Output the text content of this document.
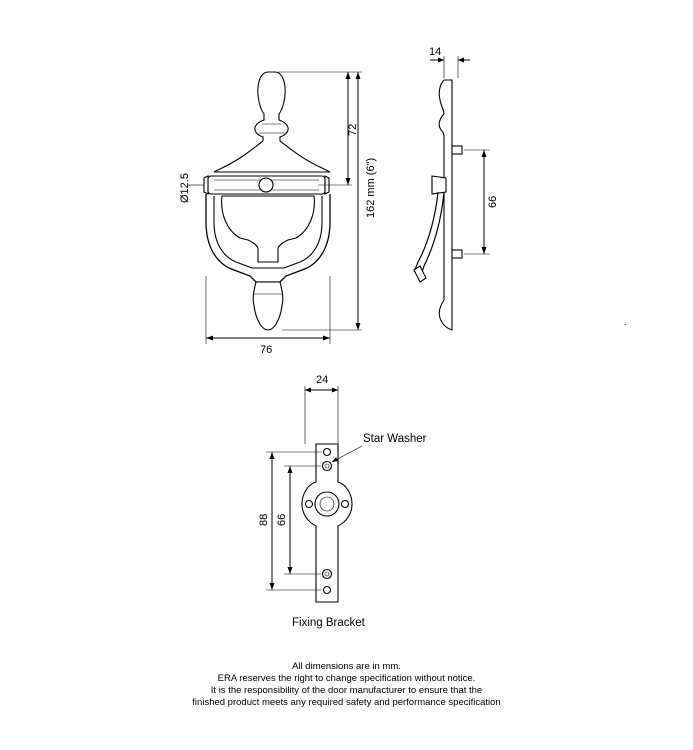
Ø12.5
72
162 mm (6")
76
14
66
.
24
88 66
Star Washer
Fixing Bracket
All dimensions are in mm.
ERA reserves the right to change specification without notice.
It is the responsibility of the door manufacturer to ensure that the
finished product meets any required safety and performance specification
